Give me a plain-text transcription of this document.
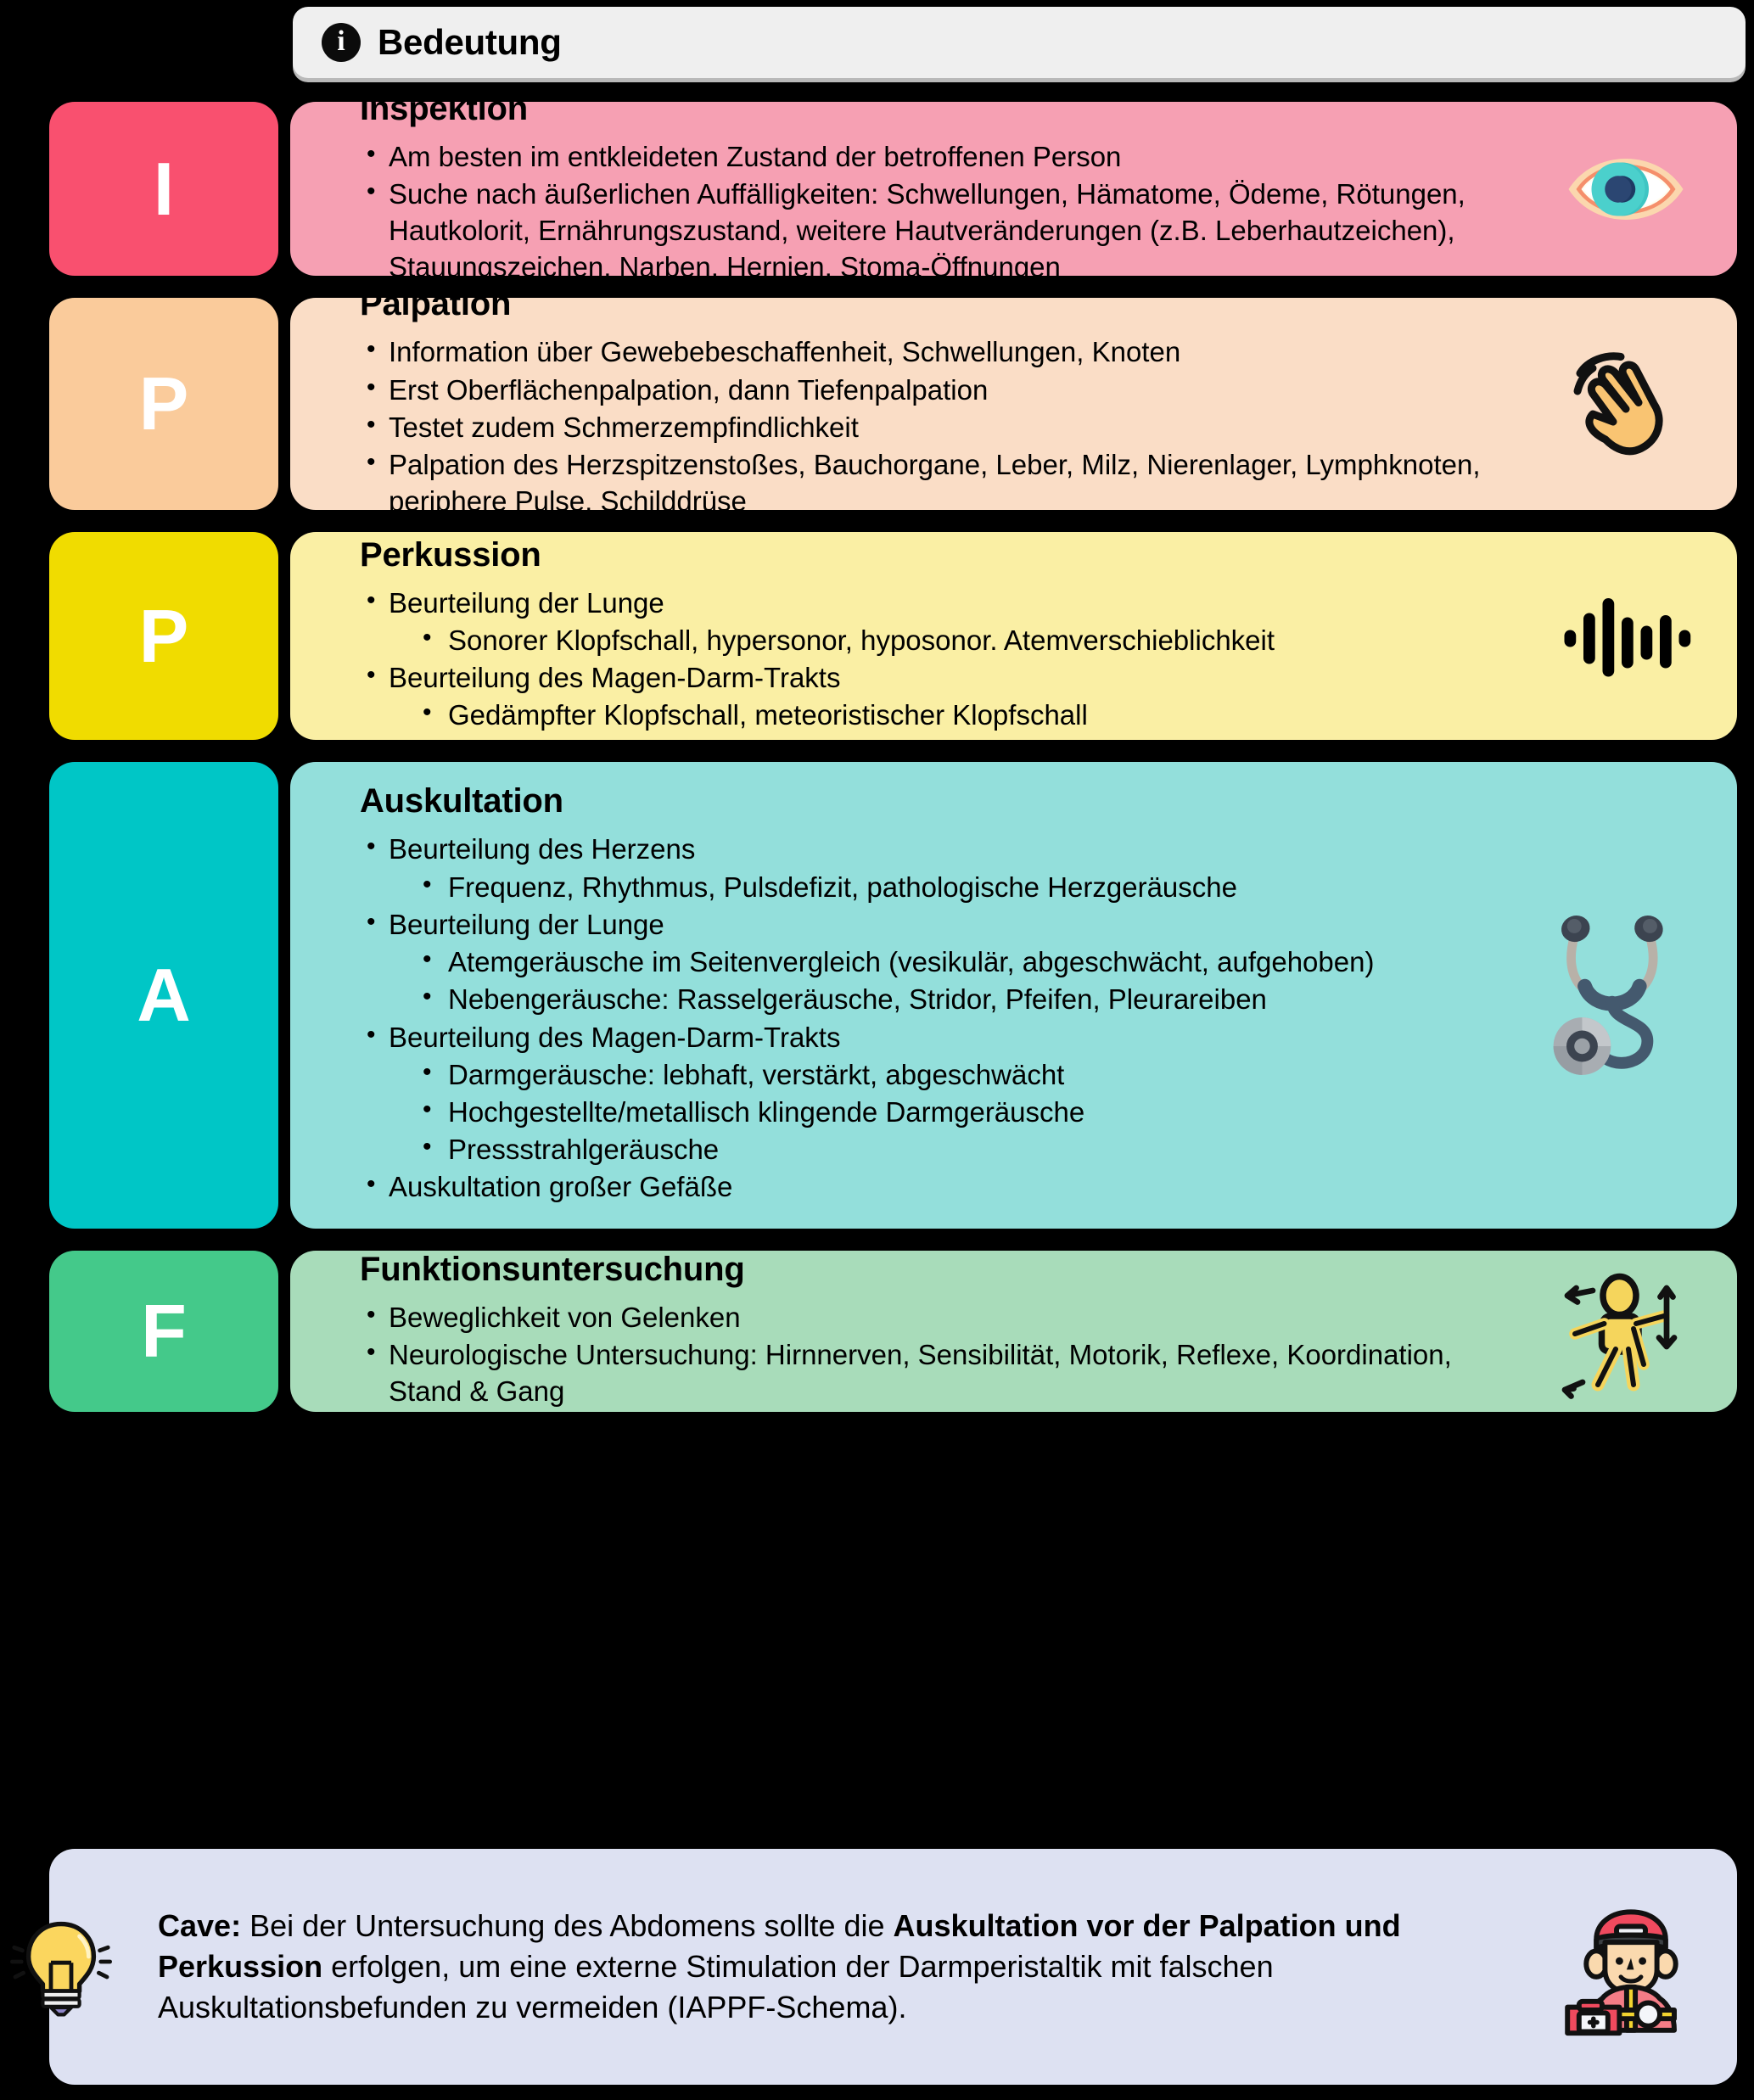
i Bedeutung
I
Inspektion
• Am besten im entkleideten Zustand der betroffenen Person
• Suche nach äußerlichen Auffälligkeiten: Schwellungen, Hämatome, Ödeme, Rötungen, Hautkolorit, Ernährungszustand, weitere Hautveränderungen (z.B. Leberhautzeichen), Stauungszeichen, Narben, Hernien, Stoma-Öffnungen
P
Palpation
• Information über Gewebebeschaffenheit, Schwellungen, Knoten
• Erst Oberflächenpalpation, dann Tiefenpalpation
• Testet zudem Schmerzempfindlichkeit
• Palpation des Herzspitzenstoßes, Bauchorgane, Leber, Milz, Nierenlager, Lymphknoten, periphere Pulse, Schilddrüse
P
Perkussion
• Beurteilung der Lunge
• Sonorer Klopfschall, hypersonor, hyposonor. Atemverschieblichkeit
• Beurteilung des Magen-Darm-Trakts
• Gedämpfter Klopfschall, meteoristischer Klopfschall
A
Auskultation
• Beurteilung des Herzens
• Frequenz, Rhythmus, Pulsdefizit, pathologische Herzgeräusche
• Beurteilung der Lunge
• Atemgeräusche im Seitenvergleich (vesikulär, abgeschwächt, aufgehoben)
• Nebengeräusche: Rasselgeräusche, Stridor, Pfeifen, Pleurareiben
• Beurteilung des Magen-Darm-Trakts
• Darmgeräusche: lebhaft, verstärkt, abgeschwächt
• Hochgestellte/metallisch klingende Darmgeräusche
• Pressstrahlgeräusche
• Auskultation großer Gefäße
F
Funktionsuntersuchung
• Beweglichkeit von Gelenken
• Neurologische Untersuchung: Hirnnerven, Sensibilität, Motorik, Reflexe, Koordination, Stand & Gang
Cave: Bei der Untersuchung des Abdomens sollte die Auskultation vor der Palpation und Perkussion erfolgen, um eine externe Stimulation der Darmperistaltik mit falschen Auskultationsbefunden zu vermeiden (IAPPF-Schema).
